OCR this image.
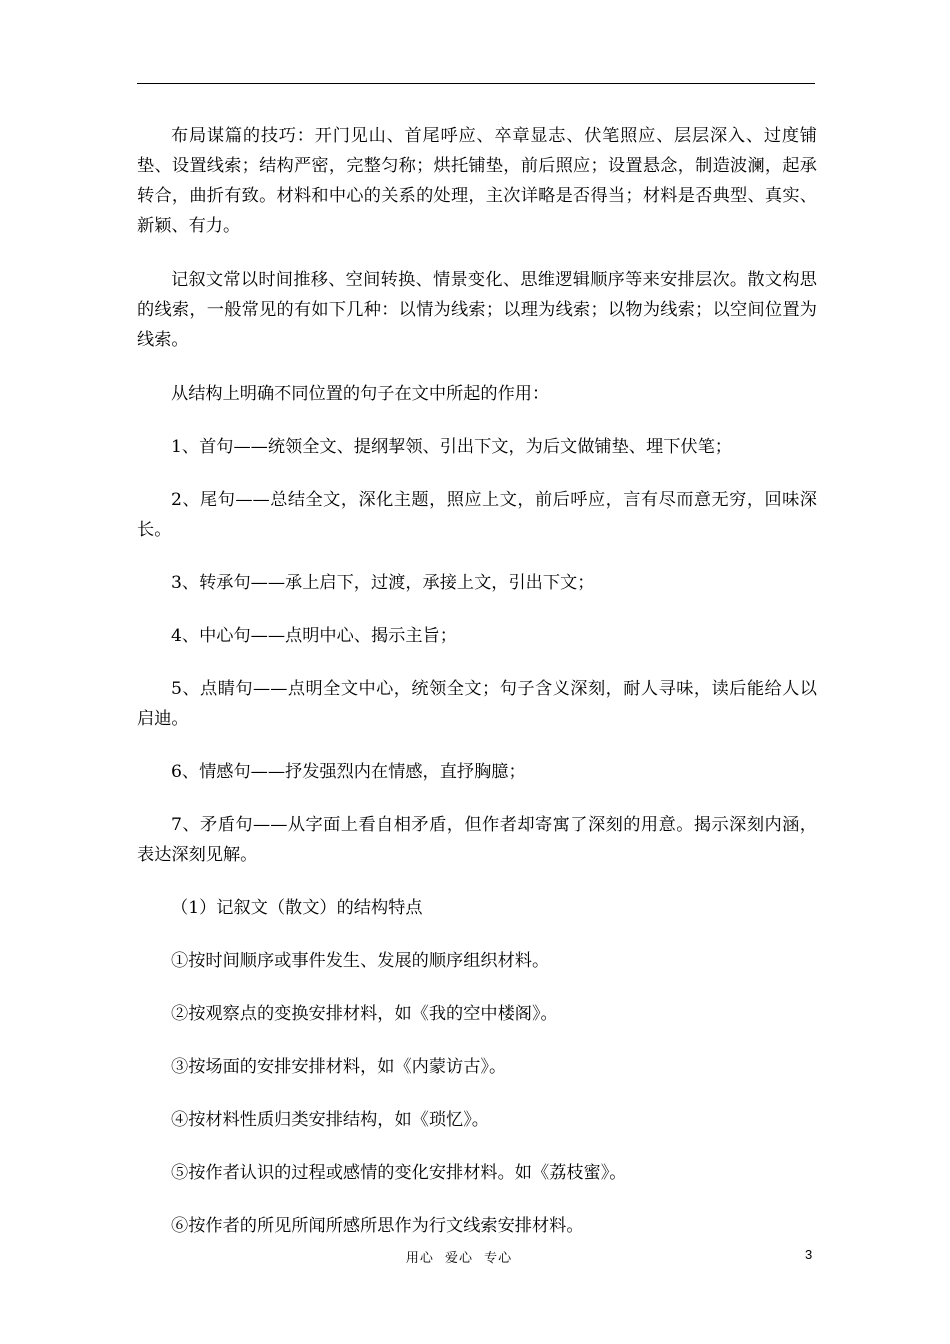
布局谋篇的技巧：开门见山、首尾呼应、卒章显志、伏笔照应、层层深入、过度铺垫、设置线索；结构严密，完整匀称；烘托铺垫，前后照应；设置悬念，制造波澜，起承转合，曲折有致。材料和中心的关系的处理，主次详略是否得当；材料是否典型、真实、新颖、有力。

记叙文常以时间推移、空间转换、情景变化、思维逻辑顺序等来安排层次。散文构思的线索，一般常见的有如下几种：以情为线索；以理为线索；以物为线索；以空间位置为线索。

从结构上明确不同位置的句子在文中所起的作用：

1、首句——统领全文、提纲挈领、引出下文，为后文做铺垫、埋下伏笔；

2、尾句——总结全文，深化主题，照应上文，前后呼应，言有尽而意无穷，回味深长。

3、转承句——承上启下，过渡，承接上文，引出下文；

4、中心句——点明中心、揭示主旨；

5、点睛句——点明全文中心，统领全文；句子含义深刻，耐人寻味，读后能给人以启迪。

6、情感句——抒发强烈内在情感，直抒胸臆；

7、矛盾句——从字面上看自相矛盾，但作者却寄寓了深刻的用意。揭示深刻内涵，表达深刻见解。

（1）记叙文（散文）的结构特点

①按时间顺序或事件发生、发展的顺序组织材料。

②按观察点的变换安排材料，如《我的空中楼阁》。

③按场面的安排安排材料，如《内蒙访古》。

④按材料性质归类安排结构，如《琐忆》。

⑤按作者认识的过程或感情的变化安排材料。如《荔枝蜜》。

⑥按作者的所见所闻所感所思作为行文线索安排材料。

用心 爱心 专心	3
